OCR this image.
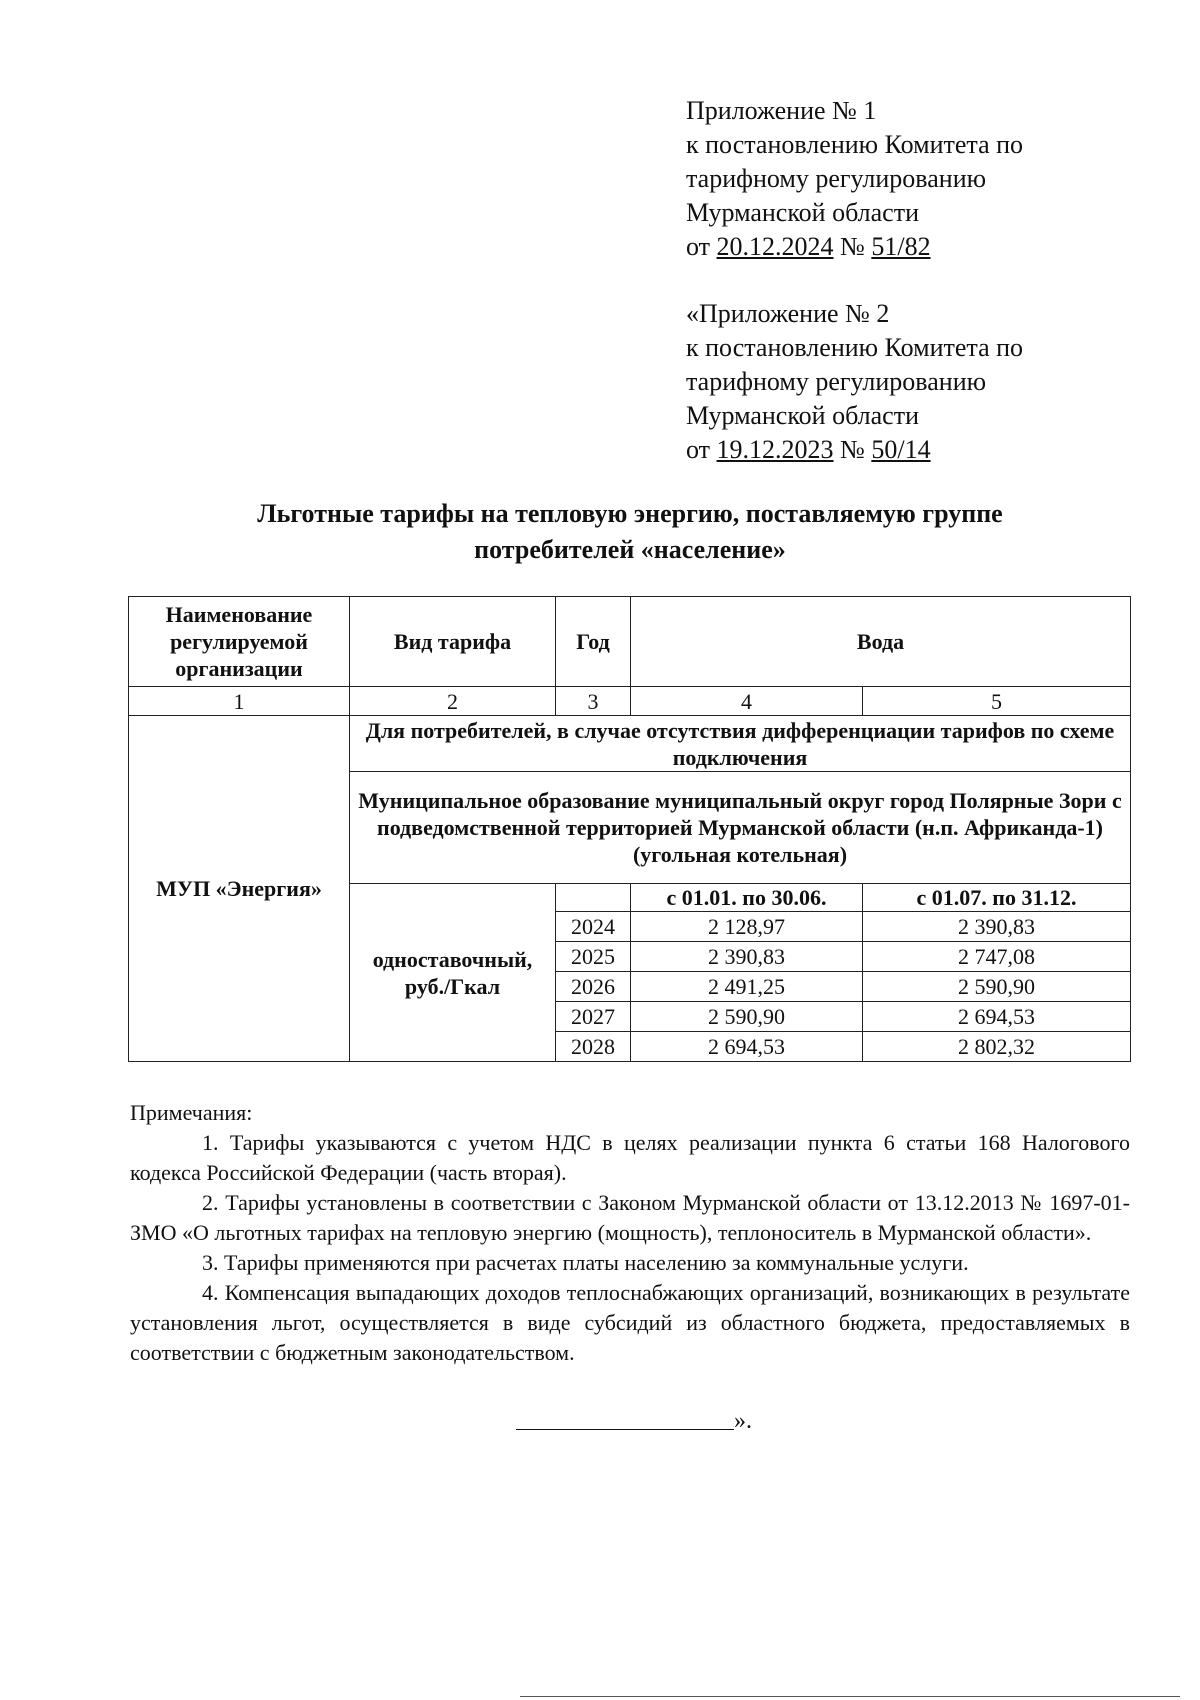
Приложение № 1
к постановлению Комитета по
тарифному регулированию
Мурманской области
от 20.12.2024 № 51/82
«Приложение № 2
к постановлению Комитета по
тарифному регулированию
Мурманской области
от 19.12.2023 № 50/14
Льготные тарифы на тепловую энергию, поставляемую группе
потребителей «население»
Наименование регулируемой организации	Вид тарифа	Год	Вода	
1	2	3	4	5
МУП «Энергия»	Для потребителей, в случае отсутствия дифференциации тарифов по схеме подключения			

	Муниципальное образование муниципальный округ город Полярные Зори с подведомственной территорией Мурманской области (н.п. Африканда-1)
(угольная котельная)			

	одноставочный, руб./Гкал		с 01.01. по 30.06.	с 01.07. по 31.12.
		2024	2 128,97	2 390,83
		2025	2 390,83	2 747,08
		2026	2 491,25	2 590,90
		2027	2 590,90	2 694,53
		2028	2 694,53	2 802,32

Примечания:

1. Тарифы указываются с учетом НДС в целях реализации пункта 6 статьи 168 Налогового кодекса Российской Федерации (часть вторая).

2. Тарифы установлены в соответствии с Законом Мурманской области от 13.12.2013 № 1697-01-ЗМО «О льготных тарифах на тепловую энергию (мощность), теплоноситель в Мурманской области».

3. Тарифы применяются при расчетах платы населению за коммунальные услуги.

4. Компенсация выпадающих доходов теплоснабжающих организаций, возникающих в результате установления льгот, осуществляется в виде субсидий из областного бюджета, предоставляемых в соответствии с бюджетным законодательством.

».
